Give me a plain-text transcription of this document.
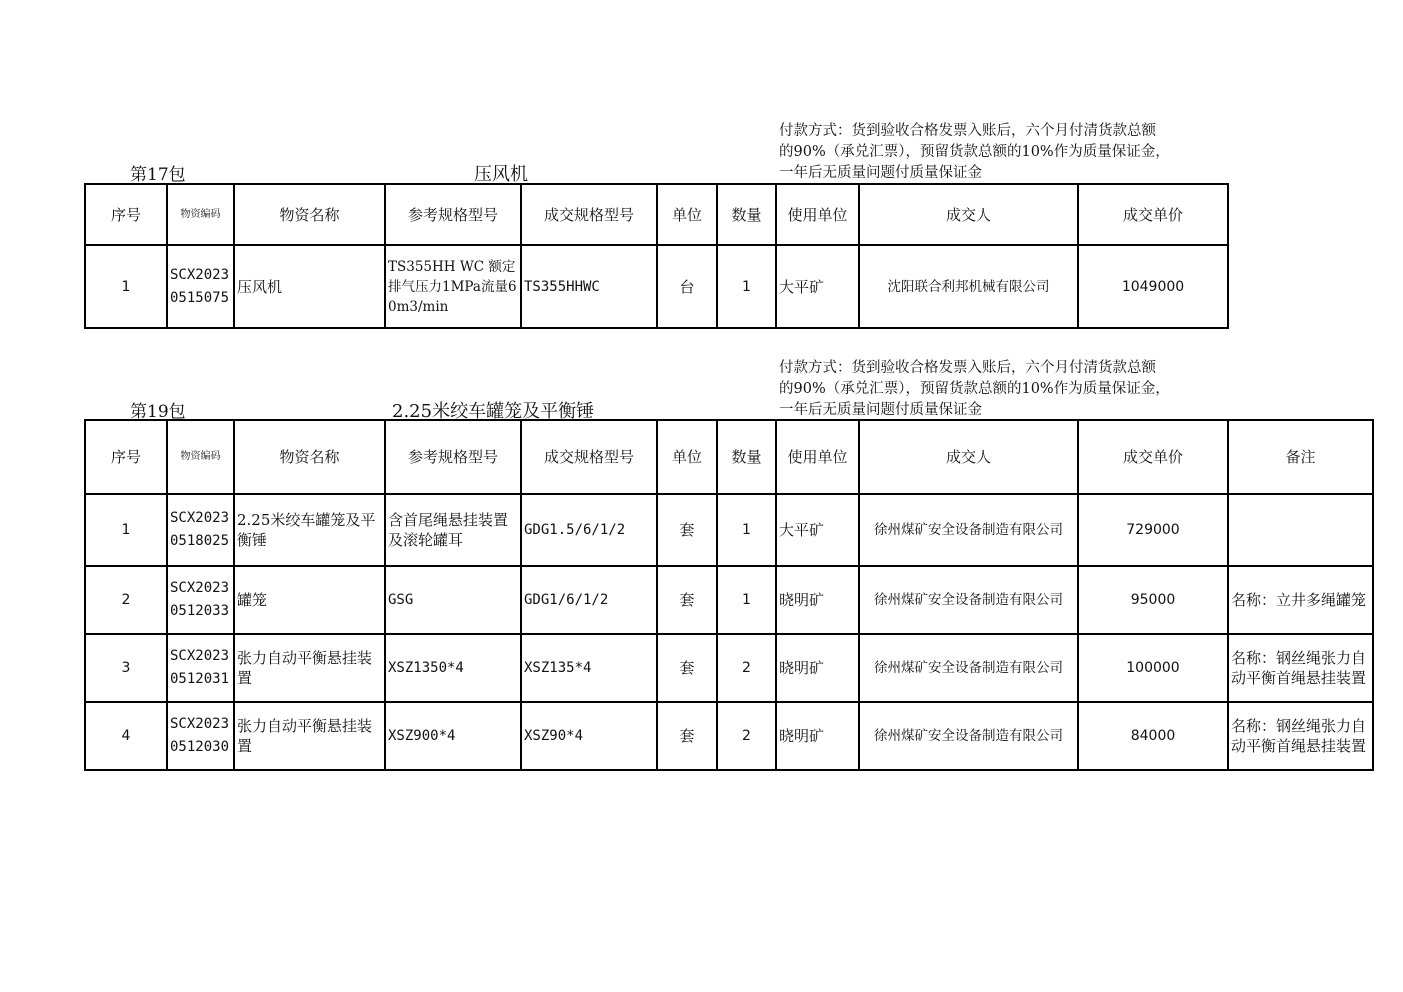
付款方式：货到验收合格发票入账后，六个月付清货款总额
的90%（承兑汇票），预留货款总额的10%作为质量保证金，
一年后无质量问题付质量保证金
第17包	压风机
序号	物资编码	物资名称	参考规格型号	成交规格型号	单位	数量	使用单位	成交人	成交单价
1	SCX20230515075	压风机	TS355HH WC 额定排气压力1MPa流量60m3/min	TS355HHWC	台	1	大平矿	沈阳联合利邦机械有限公司	1049000
付款方式：货到验收合格发票入账后，六个月付清货款总额
的90%（承兑汇票），预留货款总额的10%作为质量保证金，
一年后无质量问题付质量保证金
第19包	2.25米绞车罐笼及平衡锤
序号	物资编码	物资名称	参考规格型号	成交规格型号	单位	数量	使用单位	成交人	成交单价	备注
1	SCX20230518025	2.25米绞车罐笼及平衡锤	含首尾绳悬挂装置及滚轮罐耳	GDG1.5/6/1/2	套	1	大平矿	徐州煤矿安全设备制造有限公司	729000	
2	SCX20230512033	罐笼	GSG	GDG1/6/1/2	套	1	晓明矿	徐州煤矿安全设备制造有限公司	95000	名称：立井多绳罐笼
3	SCX20230512031	张力自动平衡悬挂装置	XSZ1350*4	XSZ135*4	套	2	晓明矿	徐州煤矿安全设备制造有限公司	100000	名称：钢丝绳张力自动平衡首绳悬挂装置
4	SCX20230512030	张力自动平衡悬挂装置	XSZ900*4	XSZ90*4	套	2	晓明矿	徐州煤矿安全设备制造有限公司	84000	名称：钢丝绳张力自动平衡首绳悬挂装置
